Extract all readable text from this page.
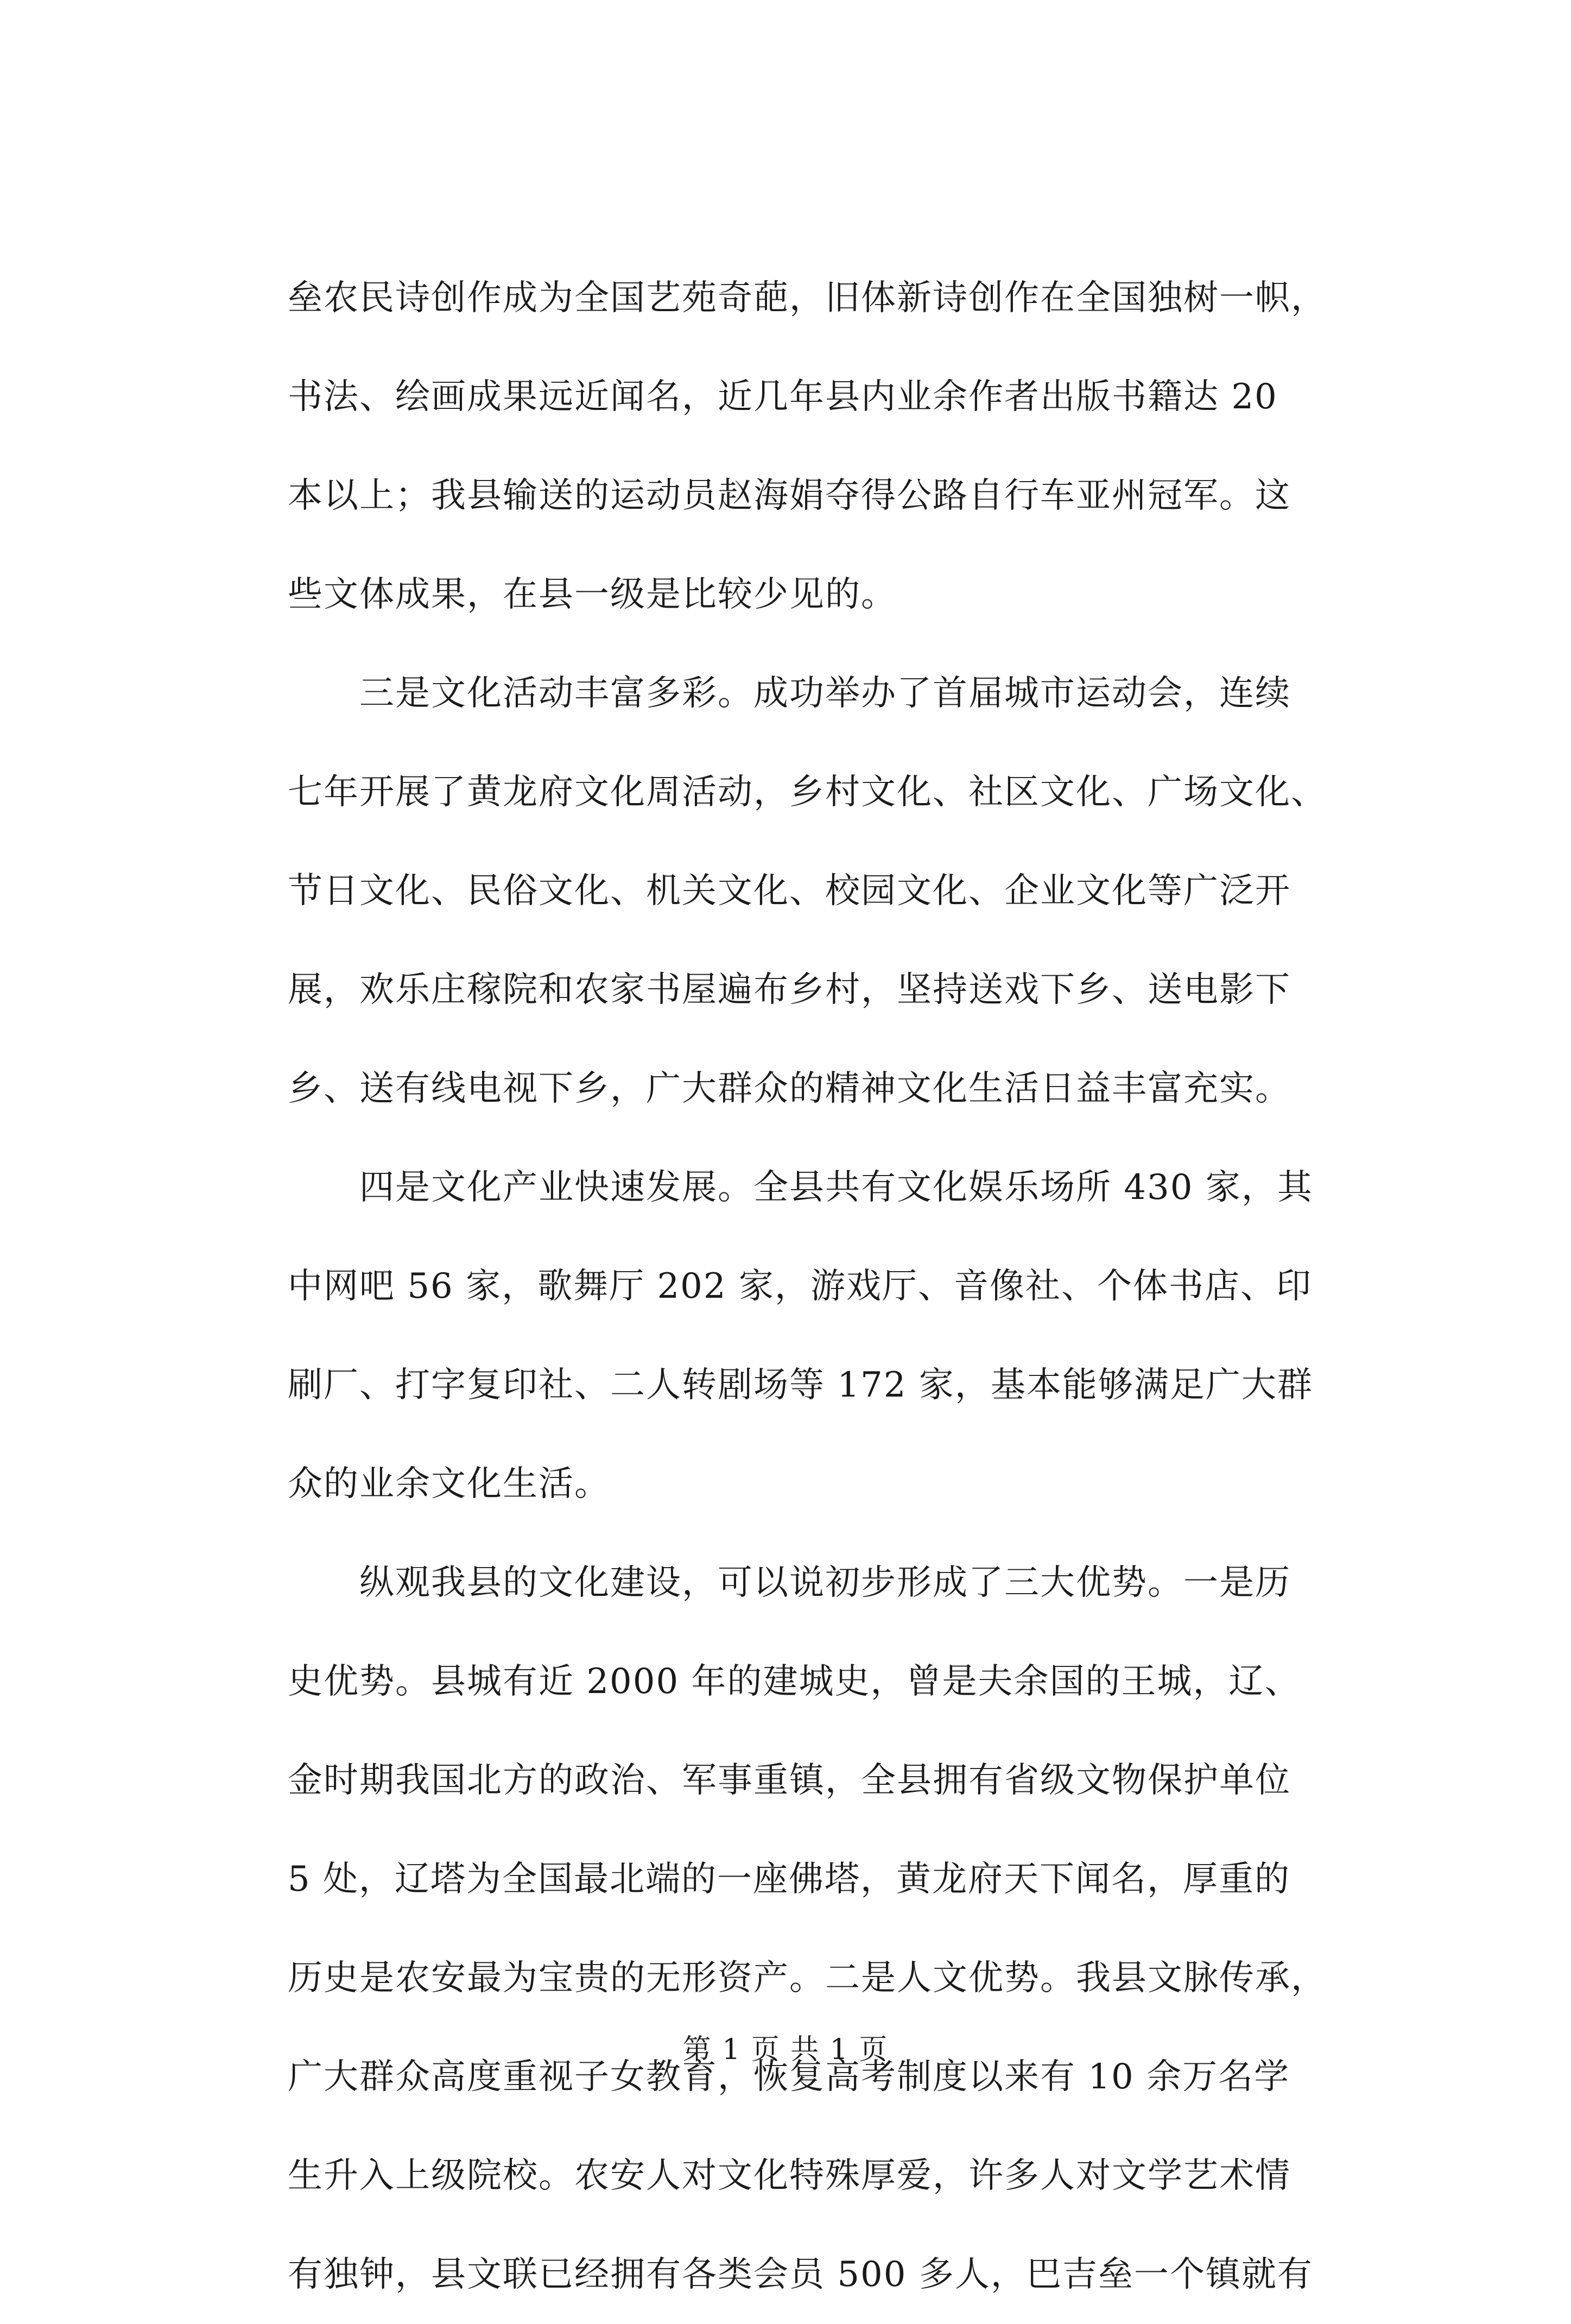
垒农民诗创作成为全国艺苑奇葩，旧体新诗创作在全国独树一帜，
书法、绘画成果远近闻名，近几年县内业余作者出版书籍达 20
本以上；我县输送的运动员赵海娟夺得公路自行车亚州冠军。这
些文体成果，在县一级是比较少见的。
　　三是文化活动丰富多彩。成功举办了首届城市运动会，连续
七年开展了黄龙府文化周活动，乡村文化、社区文化、广场文化、
节日文化、民俗文化、机关文化、校园文化、企业文化等广泛开
展，欢乐庄稼院和农家书屋遍布乡村，坚持送戏下乡、送电影下
乡、送有线电视下乡，广大群众的精神文化生活日益丰富充实。
　　四是文化产业快速发展。全县共有文化娱乐场所 430 家，其
中网吧 56 家，歌舞厅 202 家，游戏厅、音像社、个体书店、印
刷厂、打字复印社、二人转剧场等 172 家，基本能够满足广大群
众的业余文化生活。
　　纵观我县的文化建设，可以说初步形成了三大优势。一是历
史优势。县城有近 2000 年的建城史，曾是夫余国的王城，辽、
金时期我国北方的政治、军事重镇，全县拥有省级文物保护单位
5 处，辽塔为全国最北端的一座佛塔，黄龙府天下闻名，厚重的
历史是农安最为宝贵的无形资产。二是人文优势。我县文脉传承，
广大群众高度重视子女教育，恢复高考制度以来有 10 余万名学
生升入上级院校。农安人对文化特殊厚爱，许多人对文学艺术情
有独钟，县文联已经拥有各类会员 500 多人，巴吉垒一个镇就有
第 1 页 共 1 页
